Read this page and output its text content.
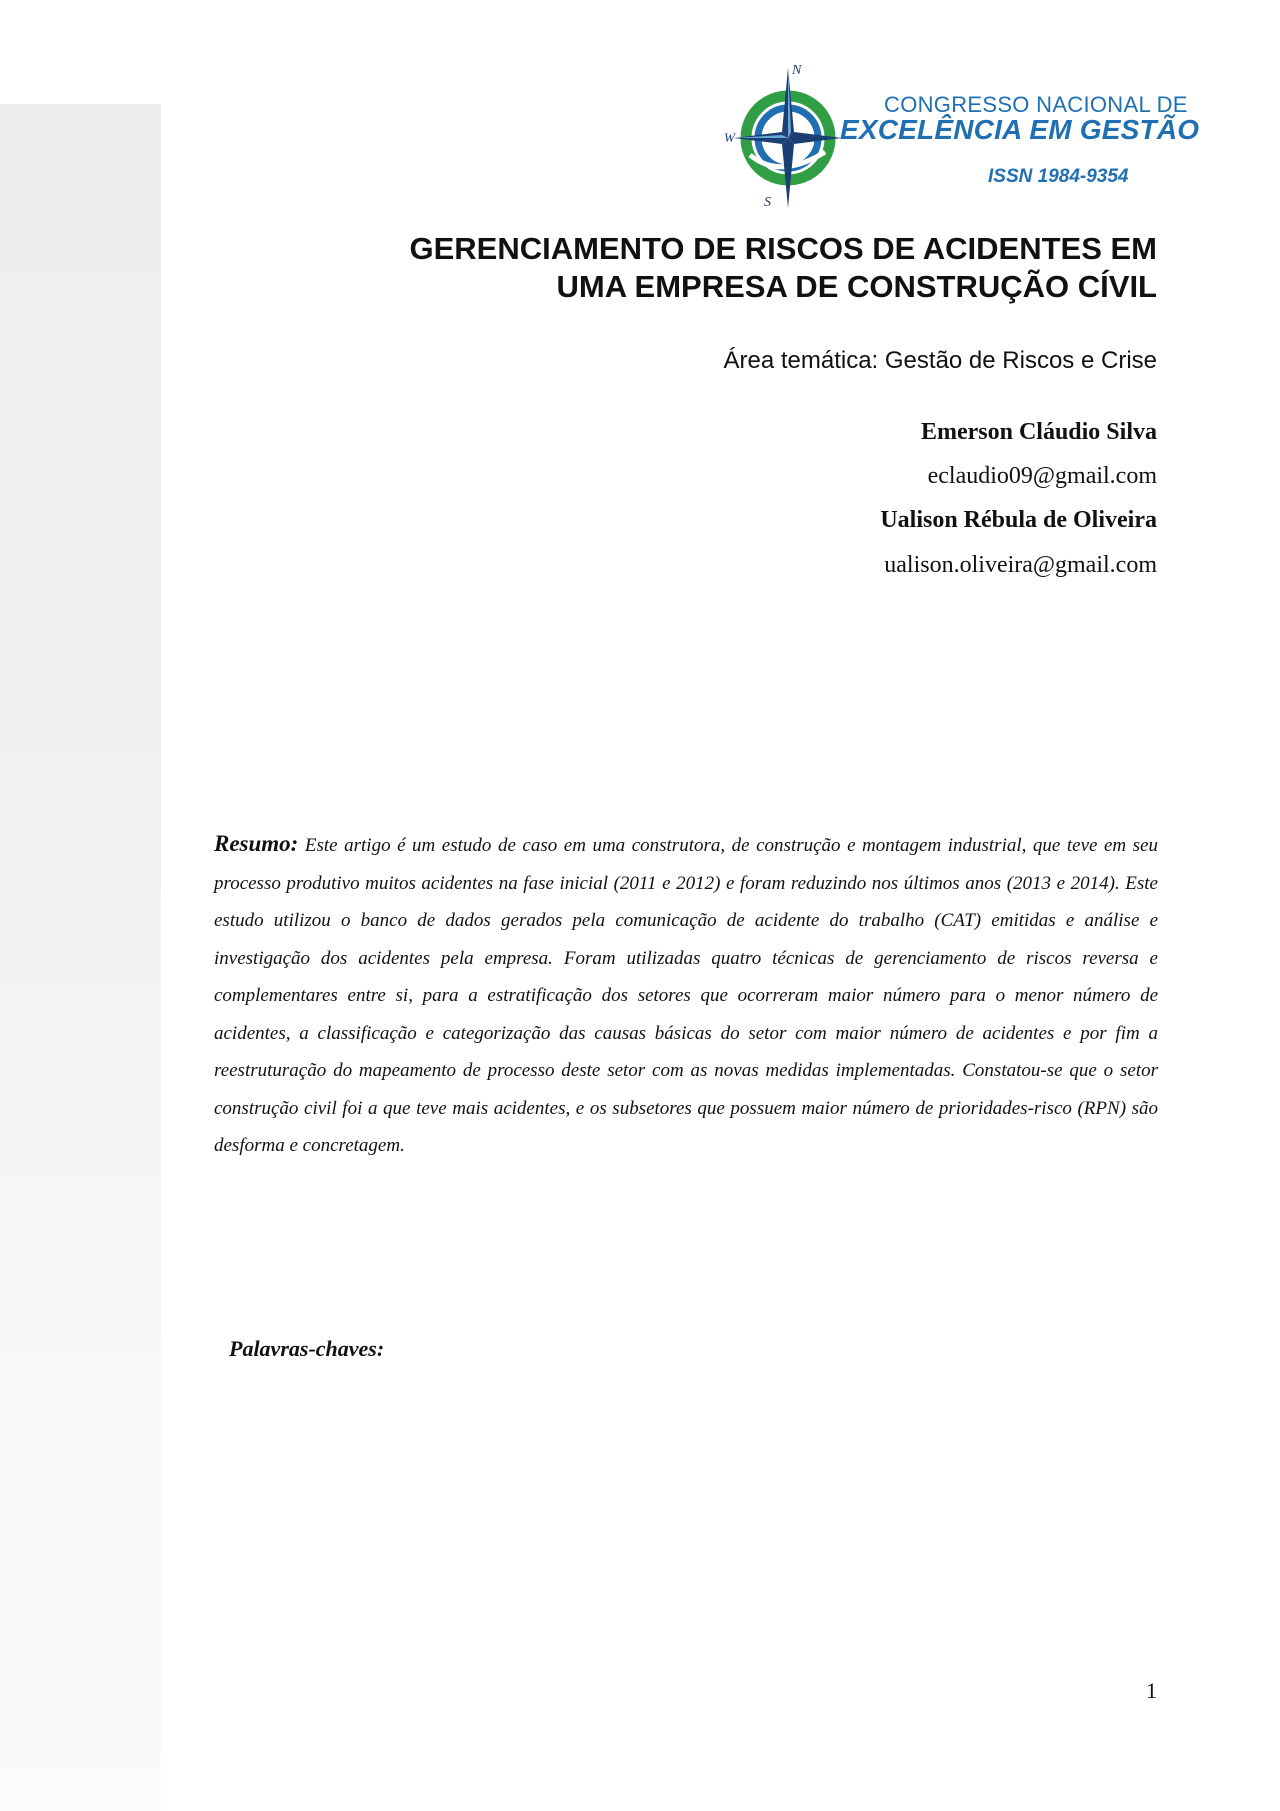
N
W
S
CONGRESSO NACIONAL DE
EXCELÊNCIA EM GESTÃO
ISSN 1984-9354
GERENCIAMENTO DE RISCOS DE ACIDENTES EM
UMA EMPRESA DE CONSTRUÇÃO CÍVIL
Área temática: Gestão de Riscos e Crise
Emerson Cláudio Silva
eclaudio09@gmail.com
Ualison Rébula de Oliveira
ualison.oliveira@gmail.com
Resumo: Este artigo é um estudo de caso em uma construtora, de construção e montagem industrial, que teve em seu processo produtivo muitos acidentes na fase inicial (2011 e 2012) e foram reduzindo nos últimos anos (2013 e 2014). Este estudo utilizou o banco de dados gerados pela comunicação de acidente do trabalho (CAT) emitidas e análise e investigação dos acidentes pela empresa. Foram utilizadas quatro técnicas de gerenciamento de riscos reversa e complementares entre si, para a estratificação dos setores que ocorreram maior número para o menor número de acidentes, a classificação e categorização das causas básicas do setor com maior número de acidentes e por fim a reestruturação do mapeamento de processo deste setor com as novas medidas implementadas. Constatou-se que o setor construção civil foi a que teve mais acidentes, e os subsetores que possuem maior número de prioridades-risco (RPN) são desforma e concretagem.
Palavras-chaves:
1
